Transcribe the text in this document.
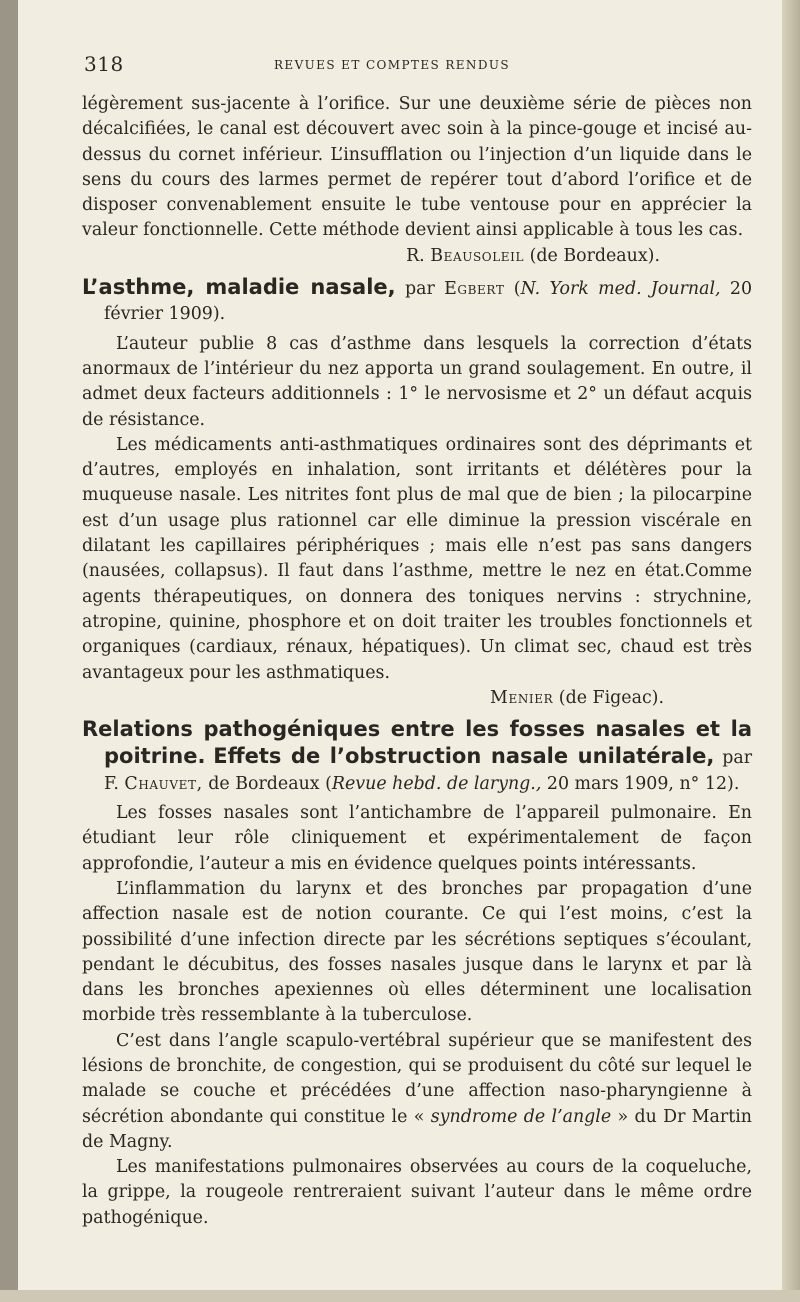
318	REVUES ET COMPTES RENDUS

légèrement sus-jacente à l’orifice. Sur une deuxième série de pièces non décalcifiées, le canal est découvert avec soin à la pince-gouge et incisé au-dessus du cornet inférieur. L’insufflation ou l’injection d’un liquide dans le sens du cours des larmes permet de repérer tout d’abord l’orifice et de disposer convenablement ensuite le tube ventouse pour en apprécier la valeur fonctionnelle. Cette méthode devient ainsi applicable à tous les cas.

R. Beausoleil (de Bordeaux).

L’asthme, maladie nasale, par Egbert (N. York med. Journal, 20 février 1909).

L’auteur publie 8 cas d’asthme dans lesquels la correction d’états anormaux de l’intérieur du nez apporta un grand soulagement. En outre, il admet deux facteurs additionnels : 1° le nervosisme et 2° un défaut acquis de résistance.

Les médicaments anti-asthmatiques ordinaires sont des déprimants et d’autres, employés en inhalation, sont irritants et délétères pour la muqueuse nasale. Les nitrites font plus de mal que de bien ; la pilocarpine est d’un usage plus rationnel car elle diminue la pression viscérale en dilatant les capillaires périphériques ; mais elle n’est pas sans dangers (nausées, collapsus). Il faut dans l’asthme, mettre le nez en état.Comme agents thérapeutiques, on donnera des toniques nervins : strychnine, atropine, quinine, phosphore et on doit traiter les troubles fonctionnels et organiques (cardiaux, rénaux, hépatiques). Un climat sec, chaud est très avantageux pour les asthmatiques.

Menier (de Figeac).

Relations pathogéniques entre les fosses nasales et la poitrine. Effets de l’obstruction nasale unilatérale, par F. Chauvet, de Bordeaux (Revue hebd. de laryng., 20 mars 1909, n° 12).

Les fosses nasales sont l’antichambre de l’appareil pulmonaire. En étudiant leur rôle cliniquement et expérimentalement de façon approfondie, l’auteur a mis en évidence quelques points intéressants.

L’inflammation du larynx et des bronches par propagation d’une affection nasale est de notion courante. Ce qui l’est moins, c’est la possibilité d’une infection directe par les sécrétions septiques s’écoulant, pendant le décubitus, des fosses nasales jusque dans le larynx et par là dans les bronches apexiennes où elles déterminent une localisation morbide très ressemblante à la tuberculose.

C’est dans l’angle scapulo-vertébral supérieur que se manifestent des lésions de bronchite, de congestion, qui se produisent du côté sur lequel le malade se couche et précédées d’une affection naso-pharyngienne à sécrétion abondante qui constitue le « syndrome de l’angle » du Dr Martin de Magny.

Les manifestations pulmonaires observées au cours de la coqueluche, la grippe, la rougeole rentreraient suivant l’auteur dans le même ordre pathogénique.
